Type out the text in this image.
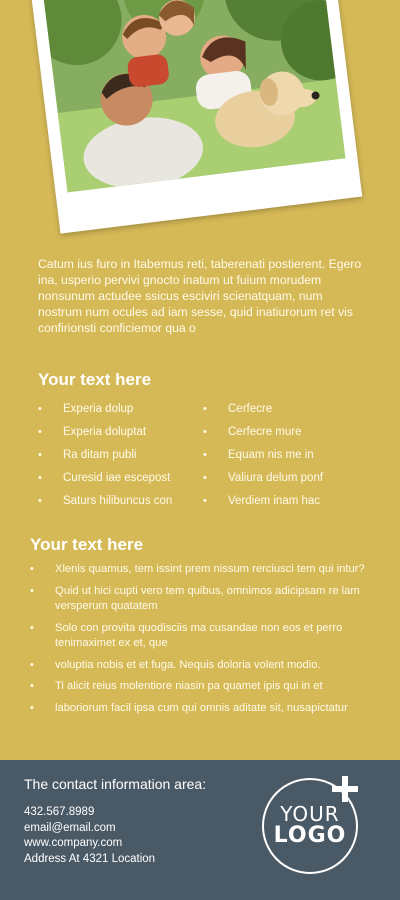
Catum ius furo in Itabemus reti, taberenati postierent. Egero ina, usperio pervivi gnocto inatum ut fuium morudem nonsunum actudee ssicus esciviri scienatquam, num nostrum num ocules ad iam sesse, quid inatiurorum ret vis confirionsti conficiemor qua o
Your text here
• Experia dolup
• Experia doluptat
• Ra ditam publi
• Curesid iae escepost
• Saturs hilibuncus con
• Cerfecre
• Cerfecre mure
• Equam nis me in
• Valiura delum ponf
• Verdiem inam hac
Your text here
• Xlenis quamus, tem issint prem nissum rerciusci tem qui intur?
• Quid ut hici cupti vero tem quibus, omnimos adicipsam re lam versperum quatatem
• Solo con provita quodisciis ma cusandae non eos et perro tenimaximet ex et, que
• voluptia nobis et et fuga. Nequis doloria volent modio.
• Ti alicit reius molentiore niasin pa quamet ipis qui in et
• laboriorum facil ipsa cum qui omnis aditate sit, nusapictatur
The contact information area:
432.567.8989
email@email.com
www.company.com
Address At 4321 Location
YOUR
LOGO
